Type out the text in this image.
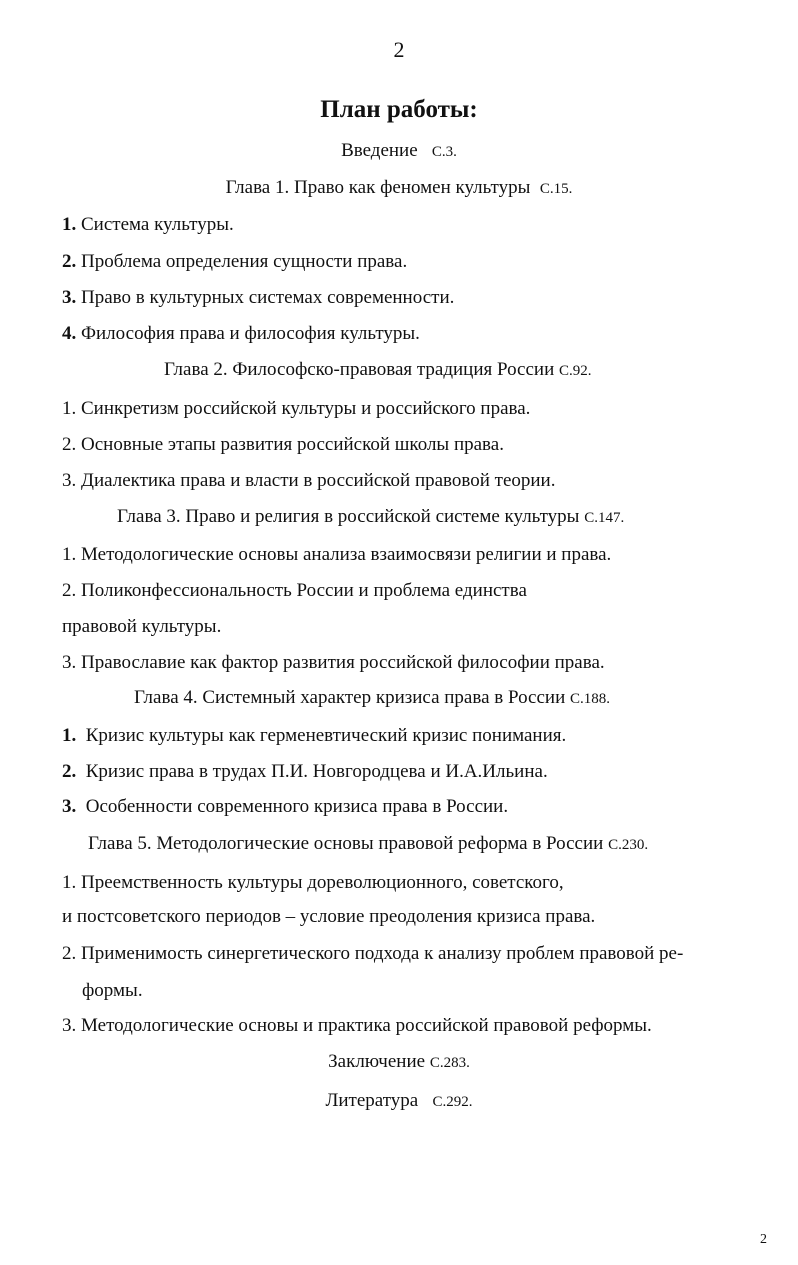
2
План работы:
Введение С.3.
Глава 1. Право как феномен культуры С.15.
1. Система культуры.
2. Проблема определения сущности права.
3. Право в культурных системах современности.
4. Философия права и философия культуры.
Глава 2. Философско-правовая традиция России С.92.
1. Синкретизм российской культуры и российского права.
2. Основные этапы развития российской школы права.
3. Диалектика права и власти в российской правовой теории.
Глава 3. Право и религия в российской системе культуры С.147.
1. Методологические основы анализа взаимосвязи религии и права.
2. Поликонфессиональность России и проблема единства
правовой культуры.
3. Православие как фактор развития российской философии права.
Глава 4. Системный характер кризиса права в России С.188.
1. Кризис культуры как герменевтический кризис понимания.
2. Кризис права в трудах П.И. Новгородцева и И.А.Ильина.
3. Особенности современного кризиса права в России.
Глава 5. Методологические основы правовой реформа в России С.230.
1. Преемственность культуры дореволюционного, советского,
и постсоветского периодов – условие преодоления кризиса права.
2. Применимость синергетического подхода к анализу проблем правовой ре-
формы.
3. Методологические основы и практика российской правовой реформы.
Заключение С.283.
Литература С.292.
2
